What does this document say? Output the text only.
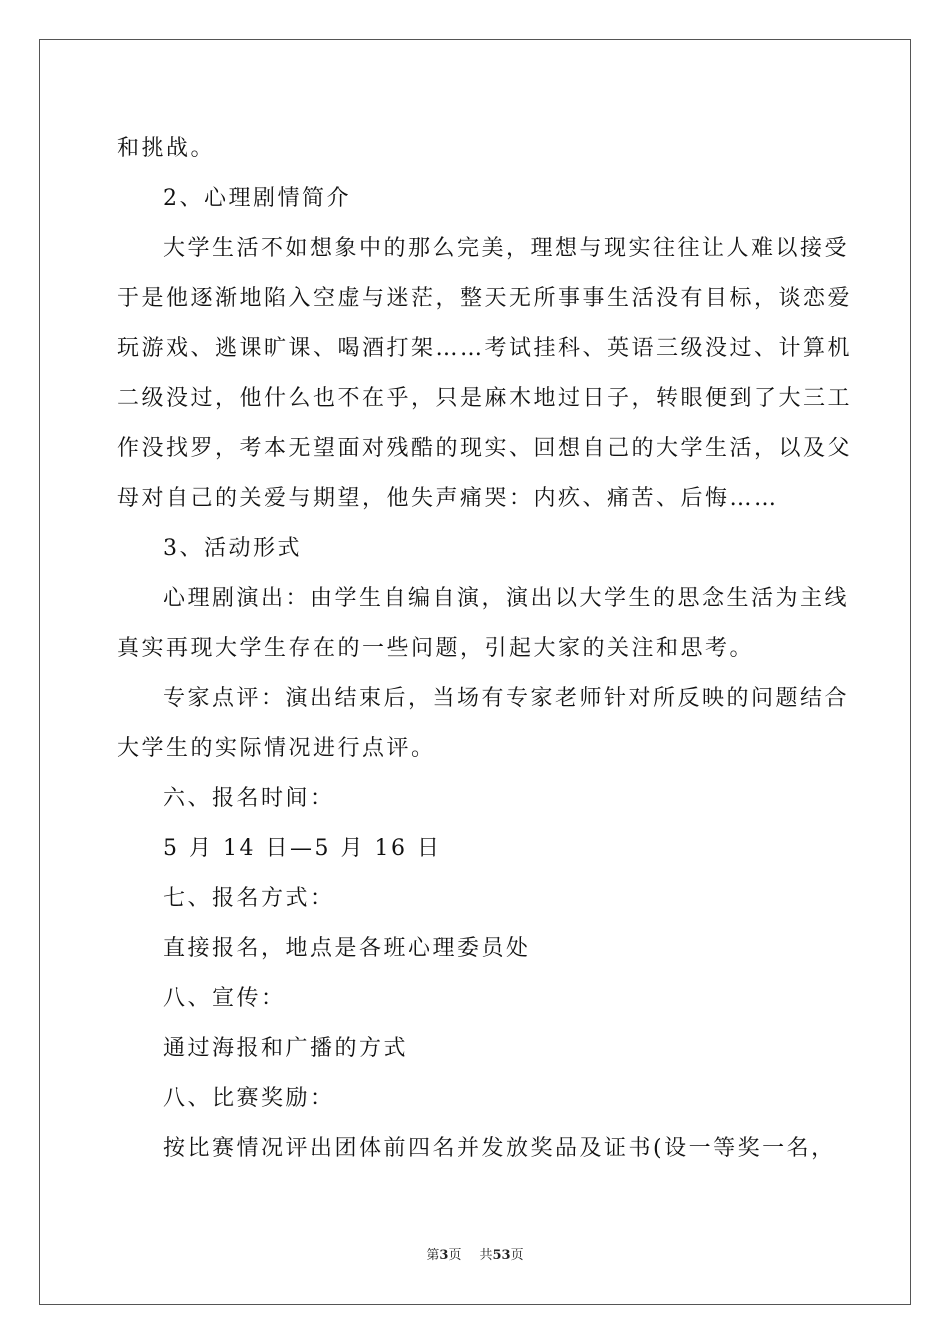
和挑战。
2、心理剧情简介
大学生活不如想象中的那么完美，理想与现实往往让人难以接受
于是他逐渐地陷入空虚与迷茫，整天无所事事生活没有目标，谈恋爱
玩游戏、逃课旷课、喝酒打架……考试挂科、英语三级没过、计算机
二级没过，他什么也不在乎，只是麻木地过日子，转眼便到了大三工
作没找罗，考本无望面对残酷的现实、回想自己的大学生活，以及父
母对自己的关爱与期望，他失声痛哭：内疚、痛苦、后悔……
3、活动形式
心理剧演出：由学生自编自演，演出以大学生的思念生活为主线
真实再现大学生存在的一些问题，引起大家的关注和思考。
专家点评：演出结束后，当场有专家老师针对所反映的问题结合
大学生的实际情况进行点评。
六、报名时间：
5 月 14 日—5 月 16 日
七、报名方式：
直接报名，地点是各班心理委员处
八、宣传：
通过海报和广播的方式
八、比赛奖励：
按比赛情况评出团体前四名并发放奖品及证书(设一等奖一名，
第3页 共53页
